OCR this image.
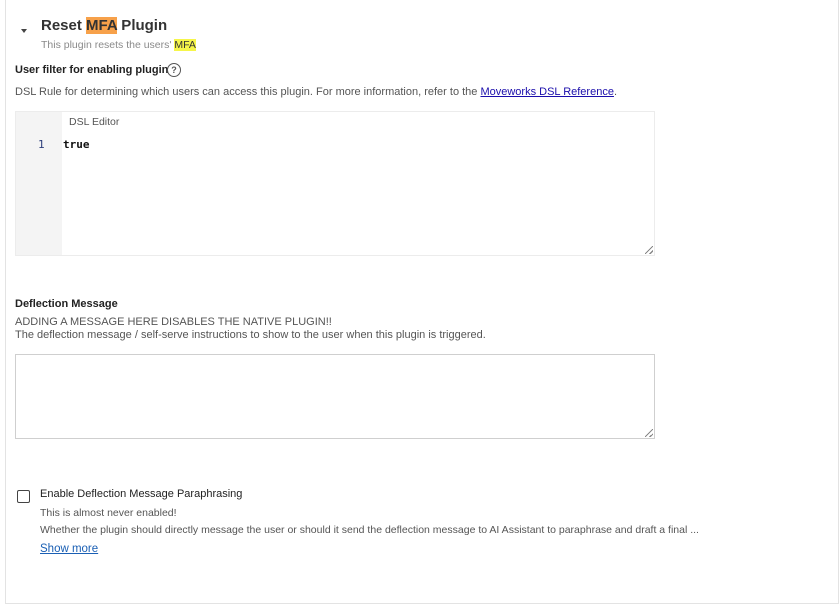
Reset MFA Plugin
This plugin resets the users' MFA
User filter for enabling plugin ?
DSL Rule for determining which users can access this plugin. For more information, refer to the Moveworks DSL Reference.
1
DSL Editor
true
Deflection Message
ADDING A MESSAGE HERE DISABLES THE NATIVE PLUGIN!!
The deflection message / self-serve instructions to show to the user when this plugin is triggered.
Enable Deflection Message Paraphrasing
This is almost never enabled!
Whether the plugin should directly message the user or should it send the deflection message to AI Assistant to paraphrase and draft a final ...
Show more
